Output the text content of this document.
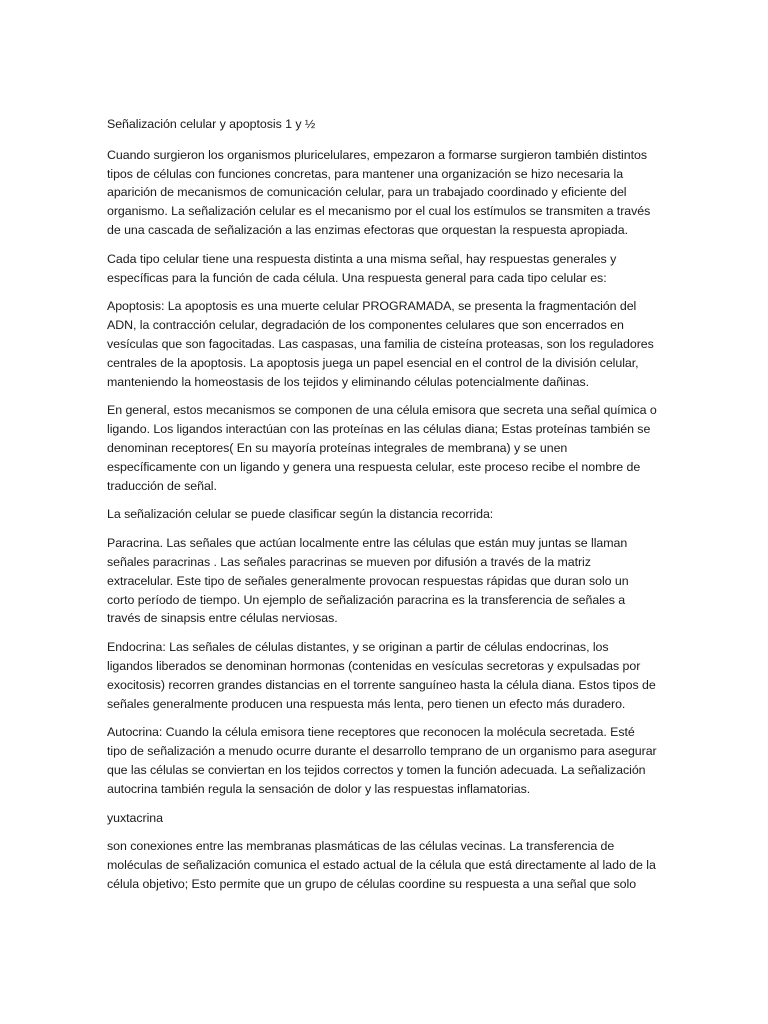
Señalización celular y apoptosis 1 y ½

Cuando surgieron los organismos pluricelulares, empezaron a formarse surgieron también distintos tipos de células con funciones concretas, para mantener una organización se hizo necesaria la aparición de mecanismos de comunicación celular, para un trabajado coordinado y eficiente del organismo. La señalización celular es el mecanismo por el cual los estímulos se transmiten a través de una cascada de señalización a las enzimas efectoras que orquestan la respuesta apropiada.

Cada tipo celular tiene una respuesta distinta a una misma señal, hay respuestas generales y específicas para la función de cada célula. Una respuesta general para cada tipo celular es:

Apoptosis: La apoptosis es una muerte celular PROGRAMADA, se presenta la fragmentación del ADN, la contracción celular, degradación de los componentes celulares que son encerrados en vesículas que son fagocitadas. Las caspasas, una familia de cisteína proteasas, son los reguladores centrales de la apoptosis. La apoptosis juega un papel esencial en el control de la división celular, manteniendo la homeostasis de los tejidos y eliminando células potencialmente dañinas.

En general, estos mecanismos se componen de una célula emisora que secreta una señal química o ligando. Los ligandos interactúan con las proteínas en las células diana; Estas proteínas también se denominan receptores( En su mayoría proteínas integrales de membrana) y se unen específicamente con un ligando y genera una respuesta celular, este proceso recibe el nombre de traducción de señal.

La señalización celular se puede clasificar según la distancia recorrida:

Paracrina. Las señales que actúan localmente entre las células que están muy juntas se llaman señales paracrinas . Las señales paracrinas se mueven por difusión a través de la matriz extracelular. Este tipo de señales generalmente provocan respuestas rápidas que duran solo un corto período de tiempo. Un ejemplo de señalización paracrina es la transferencia de señales a través de sinapsis entre células nerviosas.

Endocrina: Las señales de células distantes, y se originan a partir de células endocrinas, los ligandos liberados se denominan hormonas (contenidas en vesículas secretoras y expulsadas por exocitosis) recorren grandes distancias en el torrente sanguíneo hasta la célula diana. Estos tipos de señales generalmente producen una respuesta más lenta, pero tienen un efecto más duradero.

Autocrina: Cuando la célula emisora tiene receptores que reconocen la molécula secretada. Esté tipo de señalización a menudo ocurre durante el desarrollo temprano de un organismo para asegurar que las células se conviertan en los tejidos correctos y tomen la función adecuada. La señalización autocrina también regula la sensación de dolor y las respuestas inflamatorias.

yuxtacrina

son conexiones entre las membranas plasmáticas de las células vecinas. La transferencia de moléculas de señalización comunica el estado actual de la célula que está directamente al lado de la célula objetivo; Esto permite que un grupo de células coordine su respuesta a una señal que solo
